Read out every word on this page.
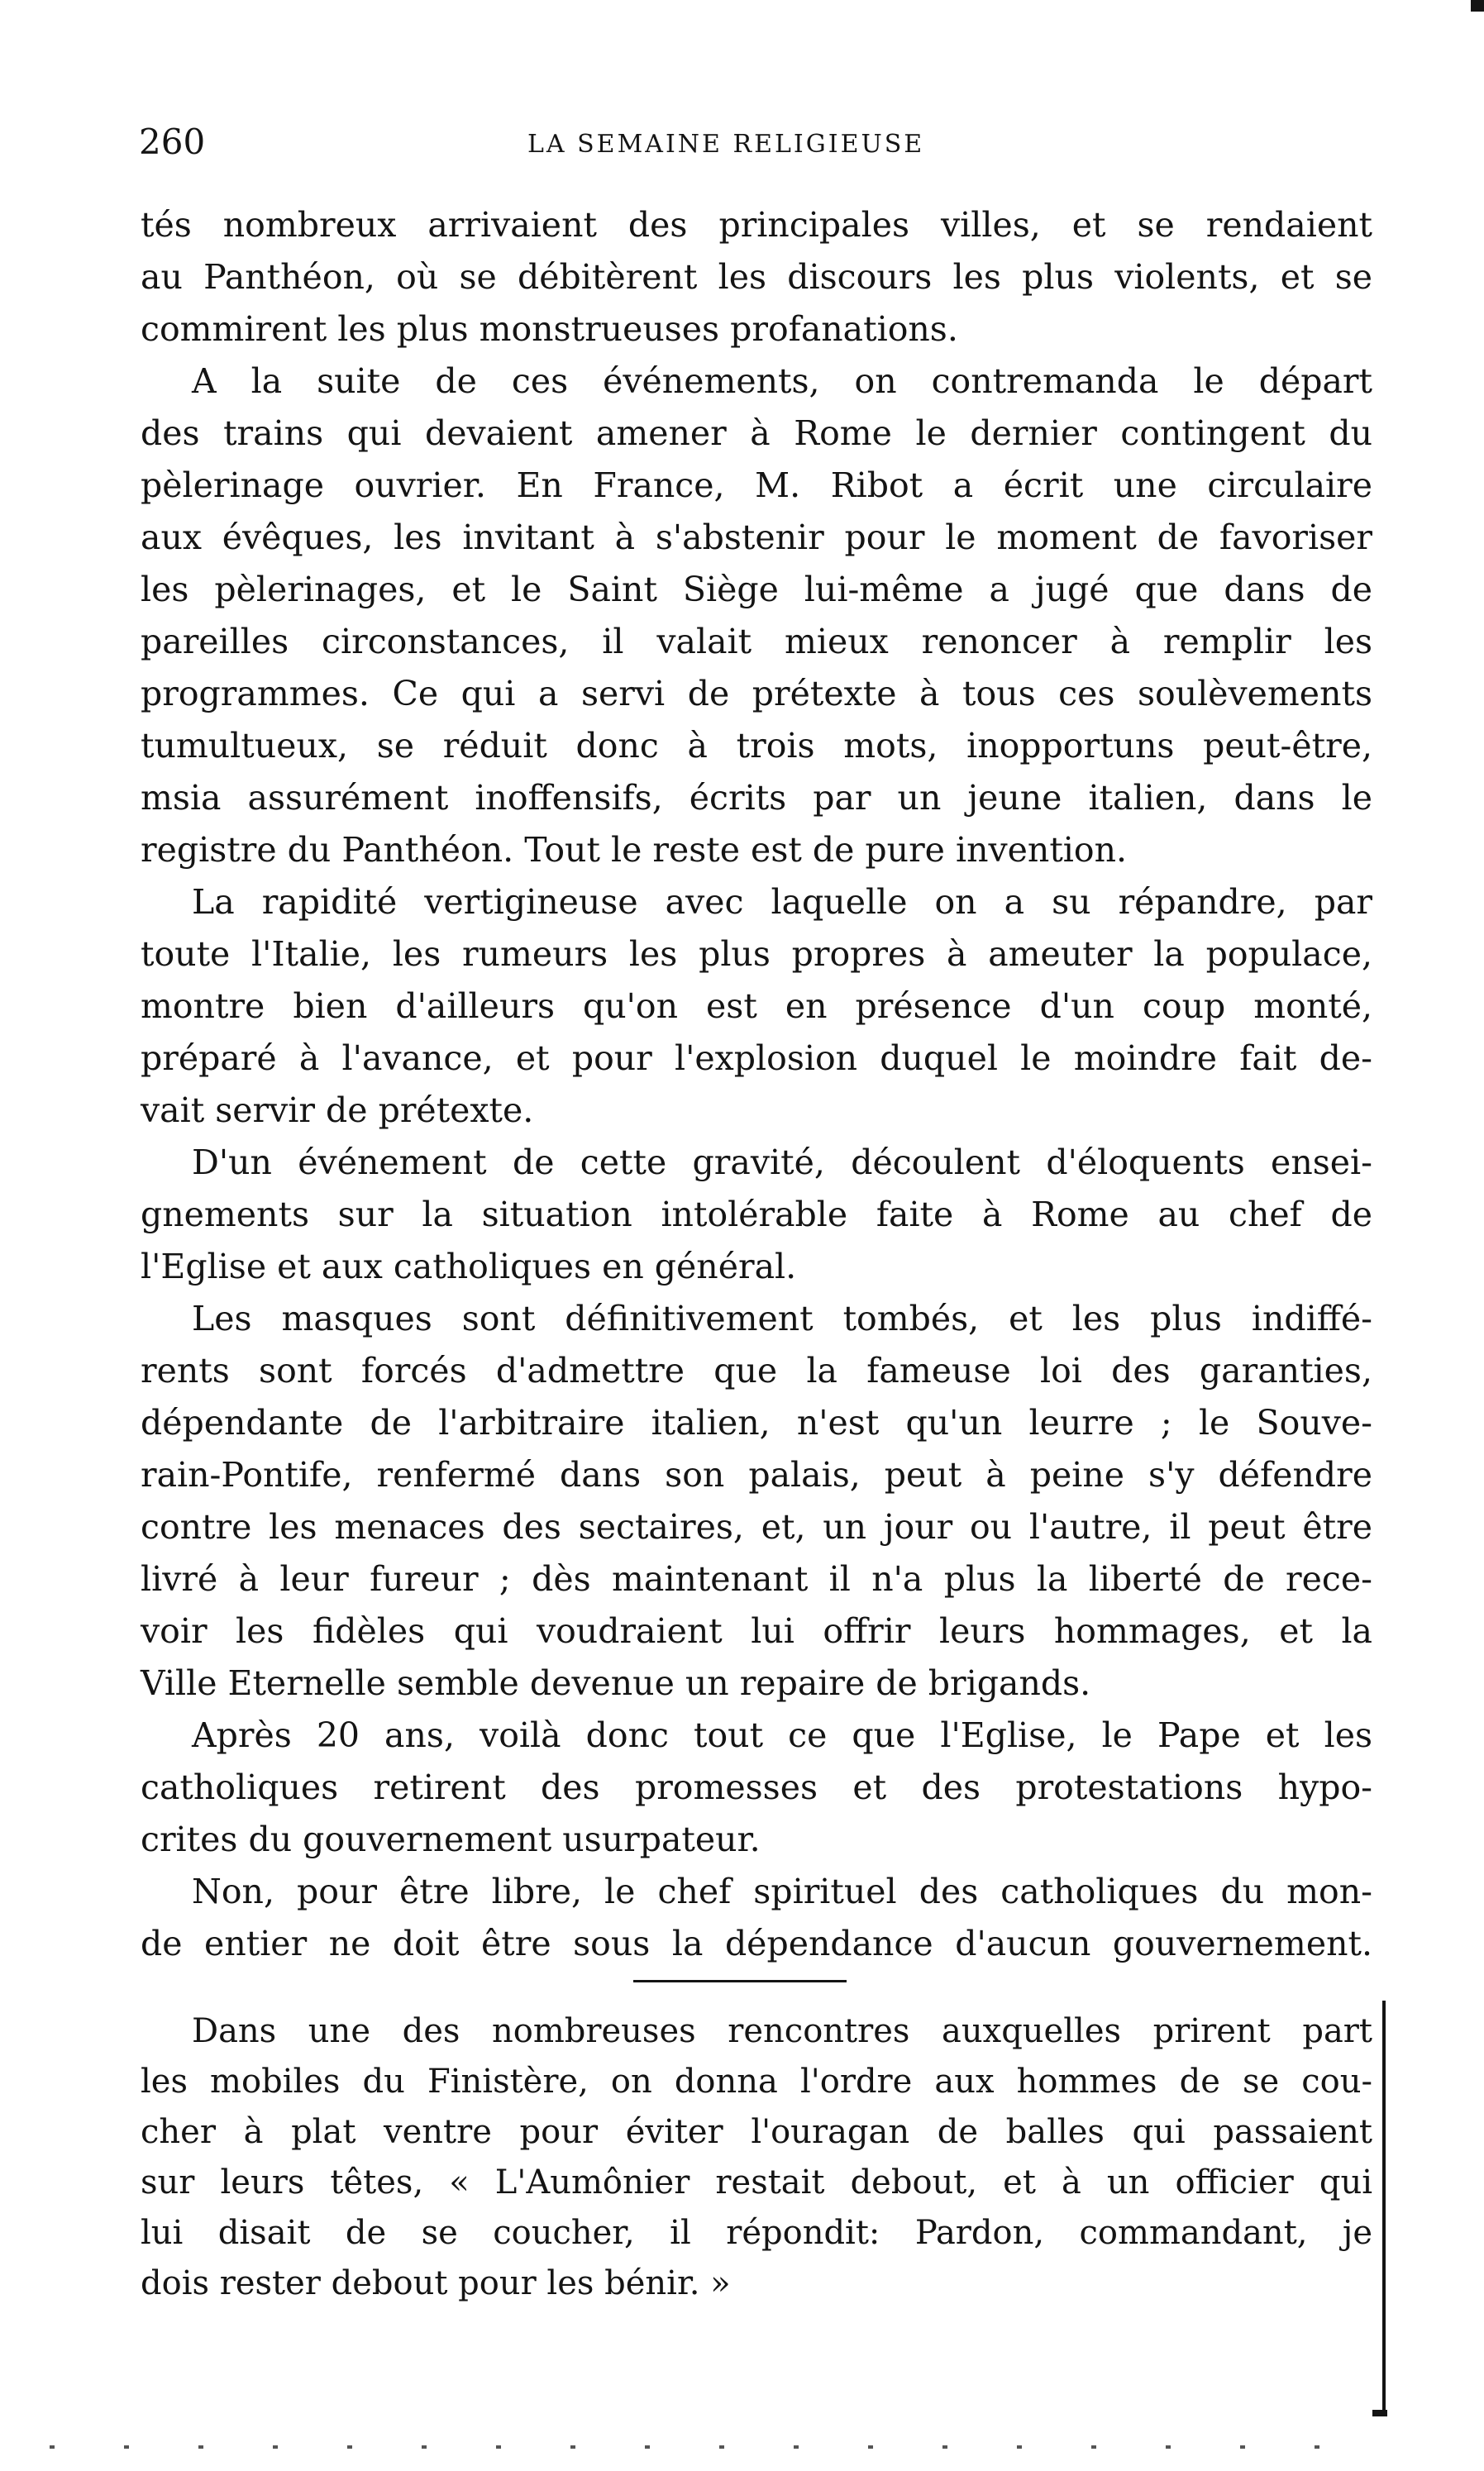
260	LA SEMAINE RELIGIEUSE
tés nombreux arrivaient des principales villes, et se rendaient
au Panthéon, où se débitèrent les discours les plus violents, et se
commirent les plus monstrueuses profanations.
A la suite de ces événements, on contremanda le départ
des trains qui devaient amener à Rome le dernier contingent du
pèlerinage ouvrier. En France, M. Ribot a écrit une circulaire
aux évêques, les invitant à s'abstenir pour le moment de favoriser
les pèlerinages, et le Saint Siège lui-même a jugé que dans de
pareilles circonstances, il valait mieux renoncer à remplir les
programmes. Ce qui a servi de prétexte à tous ces soulèvements
tumultueux, se réduit donc à trois mots, inopportuns peut-être,
msia assurément inoffensifs, écrits par un jeune italien, dans le
registre du Panthéon. Tout le reste est de pure invention.
La rapidité vertigineuse avec laquelle on a su répandre, par
toute l'Italie, les rumeurs les plus propres à ameuter la populace,
montre bien d'ailleurs qu'on est en présence d'un coup monté,
préparé à l'avance, et pour l'explosion duquel le moindre fait de-
vait servir de prétexte.
D'un événement de cette gravité, découlent d'éloquents ensei-
gnements sur la situation intolérable faite à Rome au chef de
l'Eglise et aux catholiques en général.
Les masques sont définitivement tombés, et les plus indiffé-
rents sont forcés d'admettre que la fameuse loi des garanties,
dépendante de l'arbitraire italien, n'est qu'un leurre ; le Souve-
rain-Pontife, renfermé dans son palais, peut à peine s'y défendre
contre les menaces des sectaires, et, un jour ou l'autre, il peut être
livré à leur fureur ; dès maintenant il n'a plus la liberté de rece-
voir les fidèles qui voudraient lui offrir leurs hommages, et la
Ville Eternelle semble devenue un repaire de brigands.
Après 20 ans, voilà donc tout ce que l'Eglise, le Pape et les
catholiques retirent des promesses et des protestations hypo-
crites du gouvernement usurpateur.
Non, pour être libre, le chef spirituel des catholiques du mon-
de entier ne doit être sous la dépendance d'aucun gouvernement.
Dans une des nombreuses rencontres auxquelles prirent part
les mobiles du Finistère, on donna l'ordre aux hommes de se cou-
cher à plat ventre pour éviter l'ouragan de balles qui passaient
sur leurs têtes, « L'Aumônier restait debout, et à un officier qui
lui disait de se coucher, il répondit: Pardon, commandant, je
dois rester debout pour les bénir. »
